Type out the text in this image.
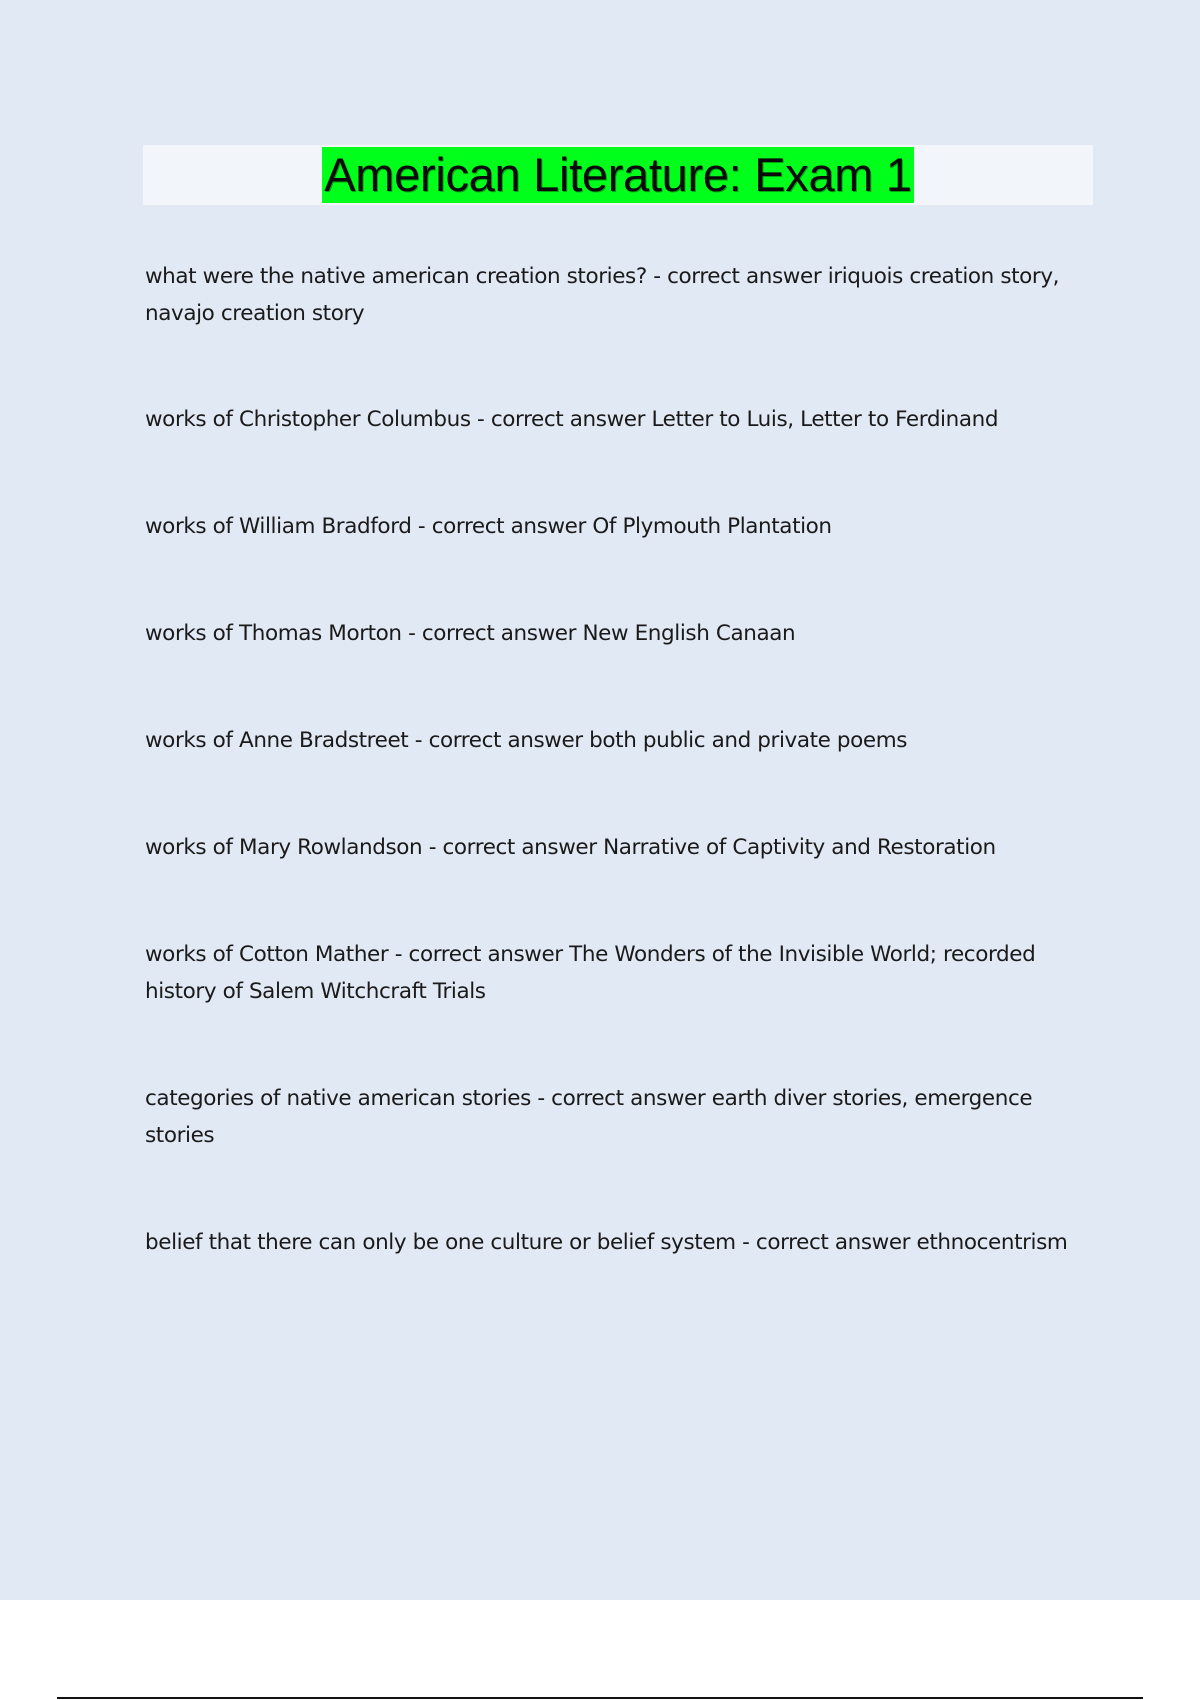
American Literature: Exam 1
what were the native american creation stories? - correct answer iriquois creation story, navajo creation story
works of Christopher Columbus - correct answer Letter to Luis, Letter to Ferdinand
works of William Bradford - correct answer Of Plymouth Plantation
works of Thomas Morton - correct answer New English Canaan
works of Anne Bradstreet - correct answer both public and private poems
works of Mary Rowlandson - correct answer Narrative of Captivity and Restoration
works of Cotton Mather - correct answer The Wonders of the Invisible World; recorded history of Salem Witchcraft Trials
categories of native american stories - correct answer earth diver stories, emergence stories
belief that there can only be one culture or belief system - correct answer ethnocentrism
